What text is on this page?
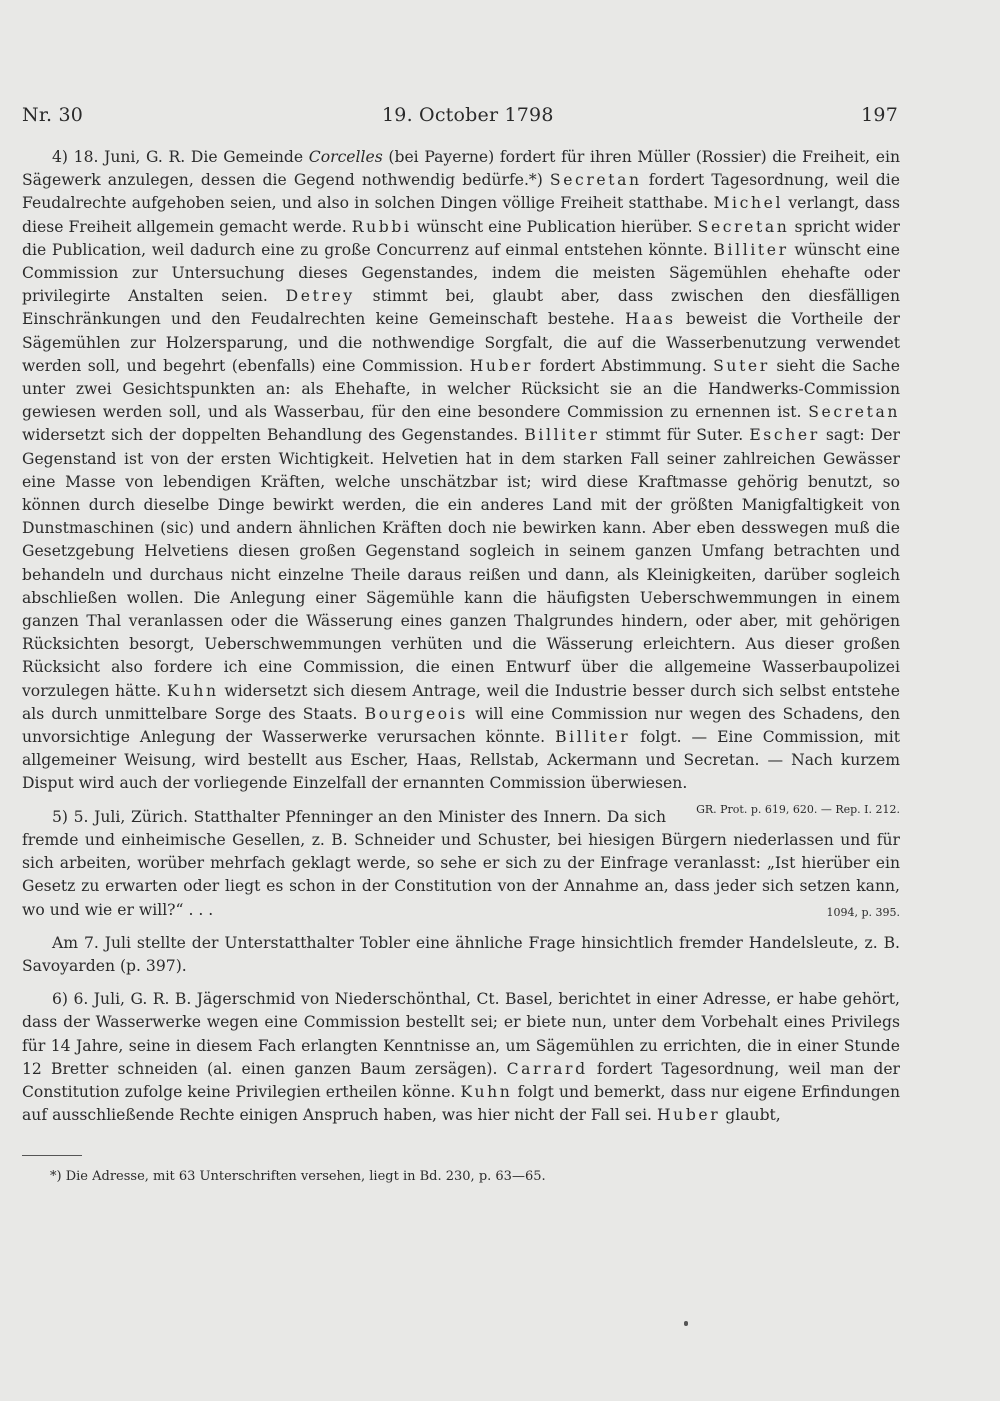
Nr. 30	19. October 1798	197

4) 18. Juni, G. R. Die Gemeinde Corcelles (bei Payerne) fordert für ihren Müller (Rossier) die Freiheit, ein Sägewerk anzulegen, dessen die Gegend nothwendig bedürfe.*) Secretan fordert Tagesordnung, weil die Feudalrechte aufgehoben seien, und also in solchen Dingen völlige Freiheit statthabe. Michel verlangt, dass diese Freiheit allgemein gemacht werde. Rubbi wünscht eine Publication hierüber. Secretan spricht wider die Publication, weil dadurch eine zu große Concurrenz auf einmal entstehen könnte. Billiter wünscht eine Commission zur Untersuchung dieses Gegenstandes, indem die meisten Sägemühlen ehehafte oder privilegirte Anstalten seien. Detrey stimmt bei, glaubt aber, dass zwischen den diesfälligen Einschränkungen und den Feudalrechten keine Gemeinschaft bestehe. Haas beweist die Vortheile der Sägemühlen zur Holzersparung, und die nothwendige Sorgfalt, die auf die Wasserbenutzung verwendet werden soll, und begehrt (ebenfalls) eine Commission. Huber fordert Abstimmung. Suter sieht die Sache unter zwei Gesichtspunkten an: als Ehehafte, in welcher Rücksicht sie an die Handwerks-Commission gewiesen werden soll, und als Wasserbau, für den eine besondere Commission zu ernennen ist. Secretan widersetzt sich der doppelten Behandlung des Gegenstandes. Billiter stimmt für Suter. Escher sagt: Der Gegenstand ist von der ersten Wichtigkeit. Helvetien hat in dem starken Fall seiner zahlreichen Gewässer eine Masse von lebendigen Kräften, welche unschätzbar ist; wird diese Kraftmasse gehörig benutzt, so können durch dieselbe Dinge bewirkt werden, die ein anderes Land mit der größten Manigfaltigkeit von Dunstmaschinen (sic) und andern ähnlichen Kräften doch nie bewirken kann. Aber eben desswegen muß die Gesetzgebung Helvetiens diesen großen Gegenstand sogleich in seinem ganzen Umfang betrachten und behandeln und durchaus nicht einzelne Theile daraus reißen und dann, als Kleinigkeiten, darüber sogleich abschließen wollen. Die Anlegung einer Sägemühle kann die häufigsten Ueberschwemmungen in einem ganzen Thal veranlassen oder die Wässerung eines ganzen Thalgrundes hindern, oder aber, mit gehörigen Rücksichten besorgt, Ueberschwemmungen verhüten und die Wässerung erleichtern. Aus dieser großen Rücksicht also fordere ich eine Commission, die einen Entwurf über die allgemeine Wasserbaupolizei vorzulegen hätte. Kuhn widersetzt sich diesem Antrage, weil die Industrie besser durch sich selbst entstehe als durch unmittelbare Sorge des Staats. Bourgeois will eine Commission nur wegen des Schadens, den unvorsichtige Anlegung der Wasserwerke verursachen könnte. Billiter folgt. — Eine Commission, mit allgemeiner Weisung, wird bestellt aus Escher, Haas, Rellstab, Ackermann und Secretan. — Nach kurzem Disput wird auch der vorliegende Einzelfall der ernannten Commission überwiesen.
GR. Prot. p. 619, 620. — Rep. I. 212.

5) 5. Juli, Zürich. Statthalter Pfenninger an den Minister des Innern. Da sich fremde und einheimische Gesellen, z. B. Schneider und Schuster, bei hiesigen Bürgern niederlassen und für sich arbeiten, worüber mehrfach geklagt werde, so sehe er sich zu der Einfrage veranlasst: „Ist hierüber ein Gesetz zu erwarten oder liegt es schon in der Constitution von der Annahme an, dass jeder sich setzen kann, wo und wie er will?“ . . .	1094, p. 395.

Am 7. Juli stellte der Unterstatthalter Tobler eine ähnliche Frage hinsichtlich fremder Handelsleute, z. B. Savoyarden (p. 397).

6) 6. Juli, G. R. B. Jägerschmid von Niederschönthal, Ct. Basel, berichtet in einer Adresse, er habe gehört, dass der Wasserwerke wegen eine Commission bestellt sei; er biete nun, unter dem Vorbehalt eines Privilegs für 14 Jahre, seine in diesem Fach erlangten Kenntnisse an, um Sägemühlen zu errichten, die in einer Stunde 12 Bretter schneiden (al. einen ganzen Baum zersägen). Carrard fordert Tagesordnung, weil man der Constitution zufolge keine Privilegien ertheilen könne. Kuhn folgt und bemerkt, dass nur eigene Erfindungen auf ausschließende Rechte einigen Anspruch haben, was hier nicht der Fall sei. Huber glaubt,

*) Die Adresse, mit 63 Unterschriften versehen, liegt in Bd. 230, p. 63—65.
